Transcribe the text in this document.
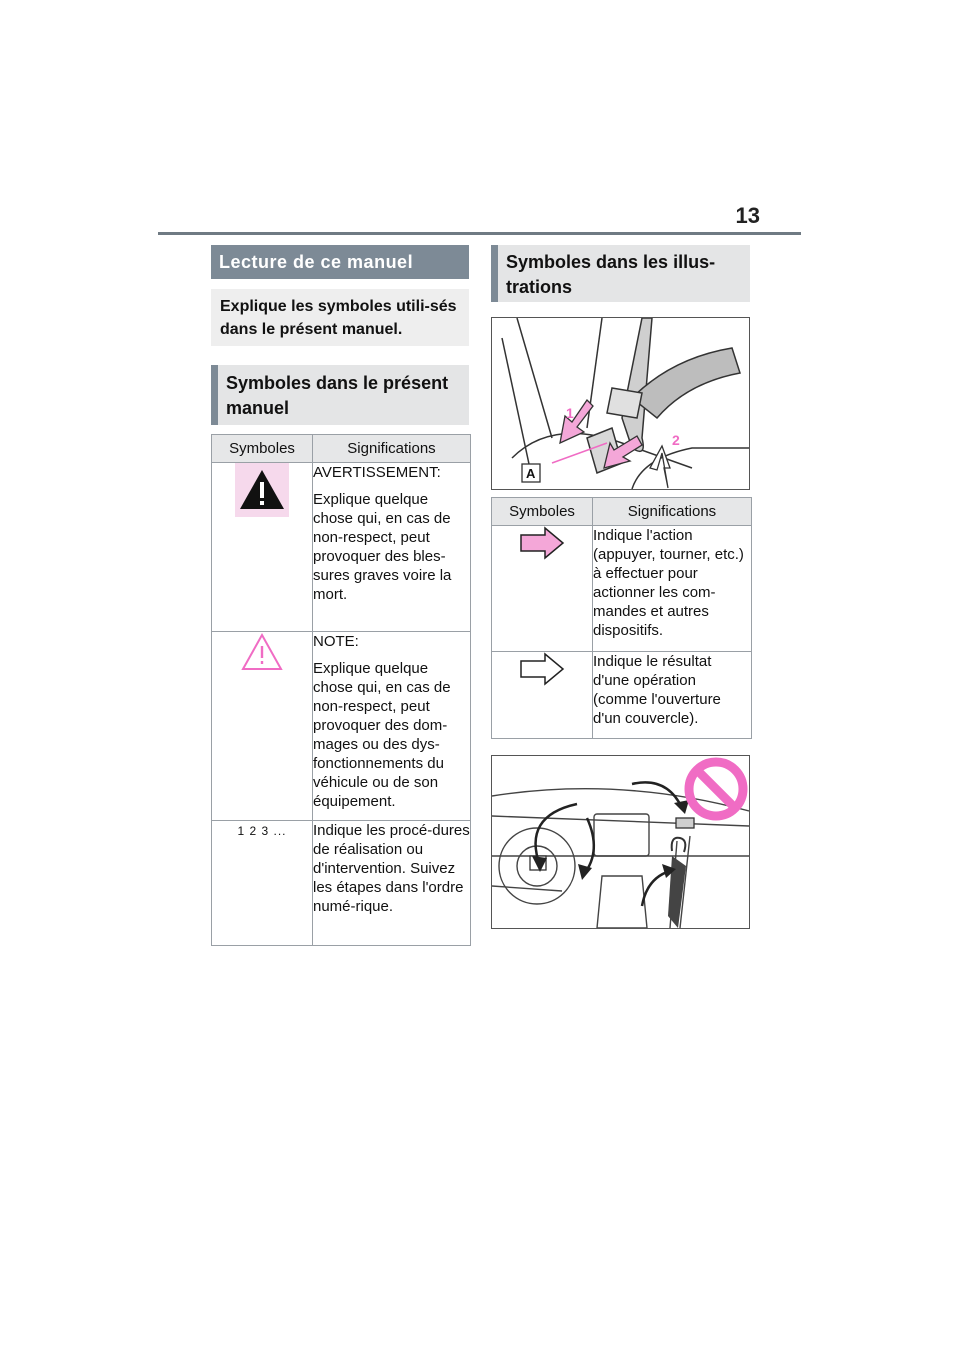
13
Lecture de ce manuel
Explique les symboles utili-sés dans le présent manuel.
Symboles dans le présent manuel
Symboles	Significations

AVERTISSEMENT:

Explique quelque chose qui, en cas de non-respect, peut provoquer des bles-sures graves voire la mort.

NOTE:

Explique quelque chose qui, en cas de non-respect, peut provoquer des dom-mages ou des dys-fonctionnements du véhicule ou de son équipement.

1 2 3 ...	Indique les procé-dures de réalisation ou d'intervention. Suivez les étapes dans l'ordre numé-rique.

Symboles dans les illus-trations
1
2
A
Symboles	Significations

Indique l'action (appuyer, tourner, etc.) à effectuer pour actionner les com-mandes et autres dispositifs.

Indique le résultat d'une opération (comme l'ouverture d'un couvercle).
